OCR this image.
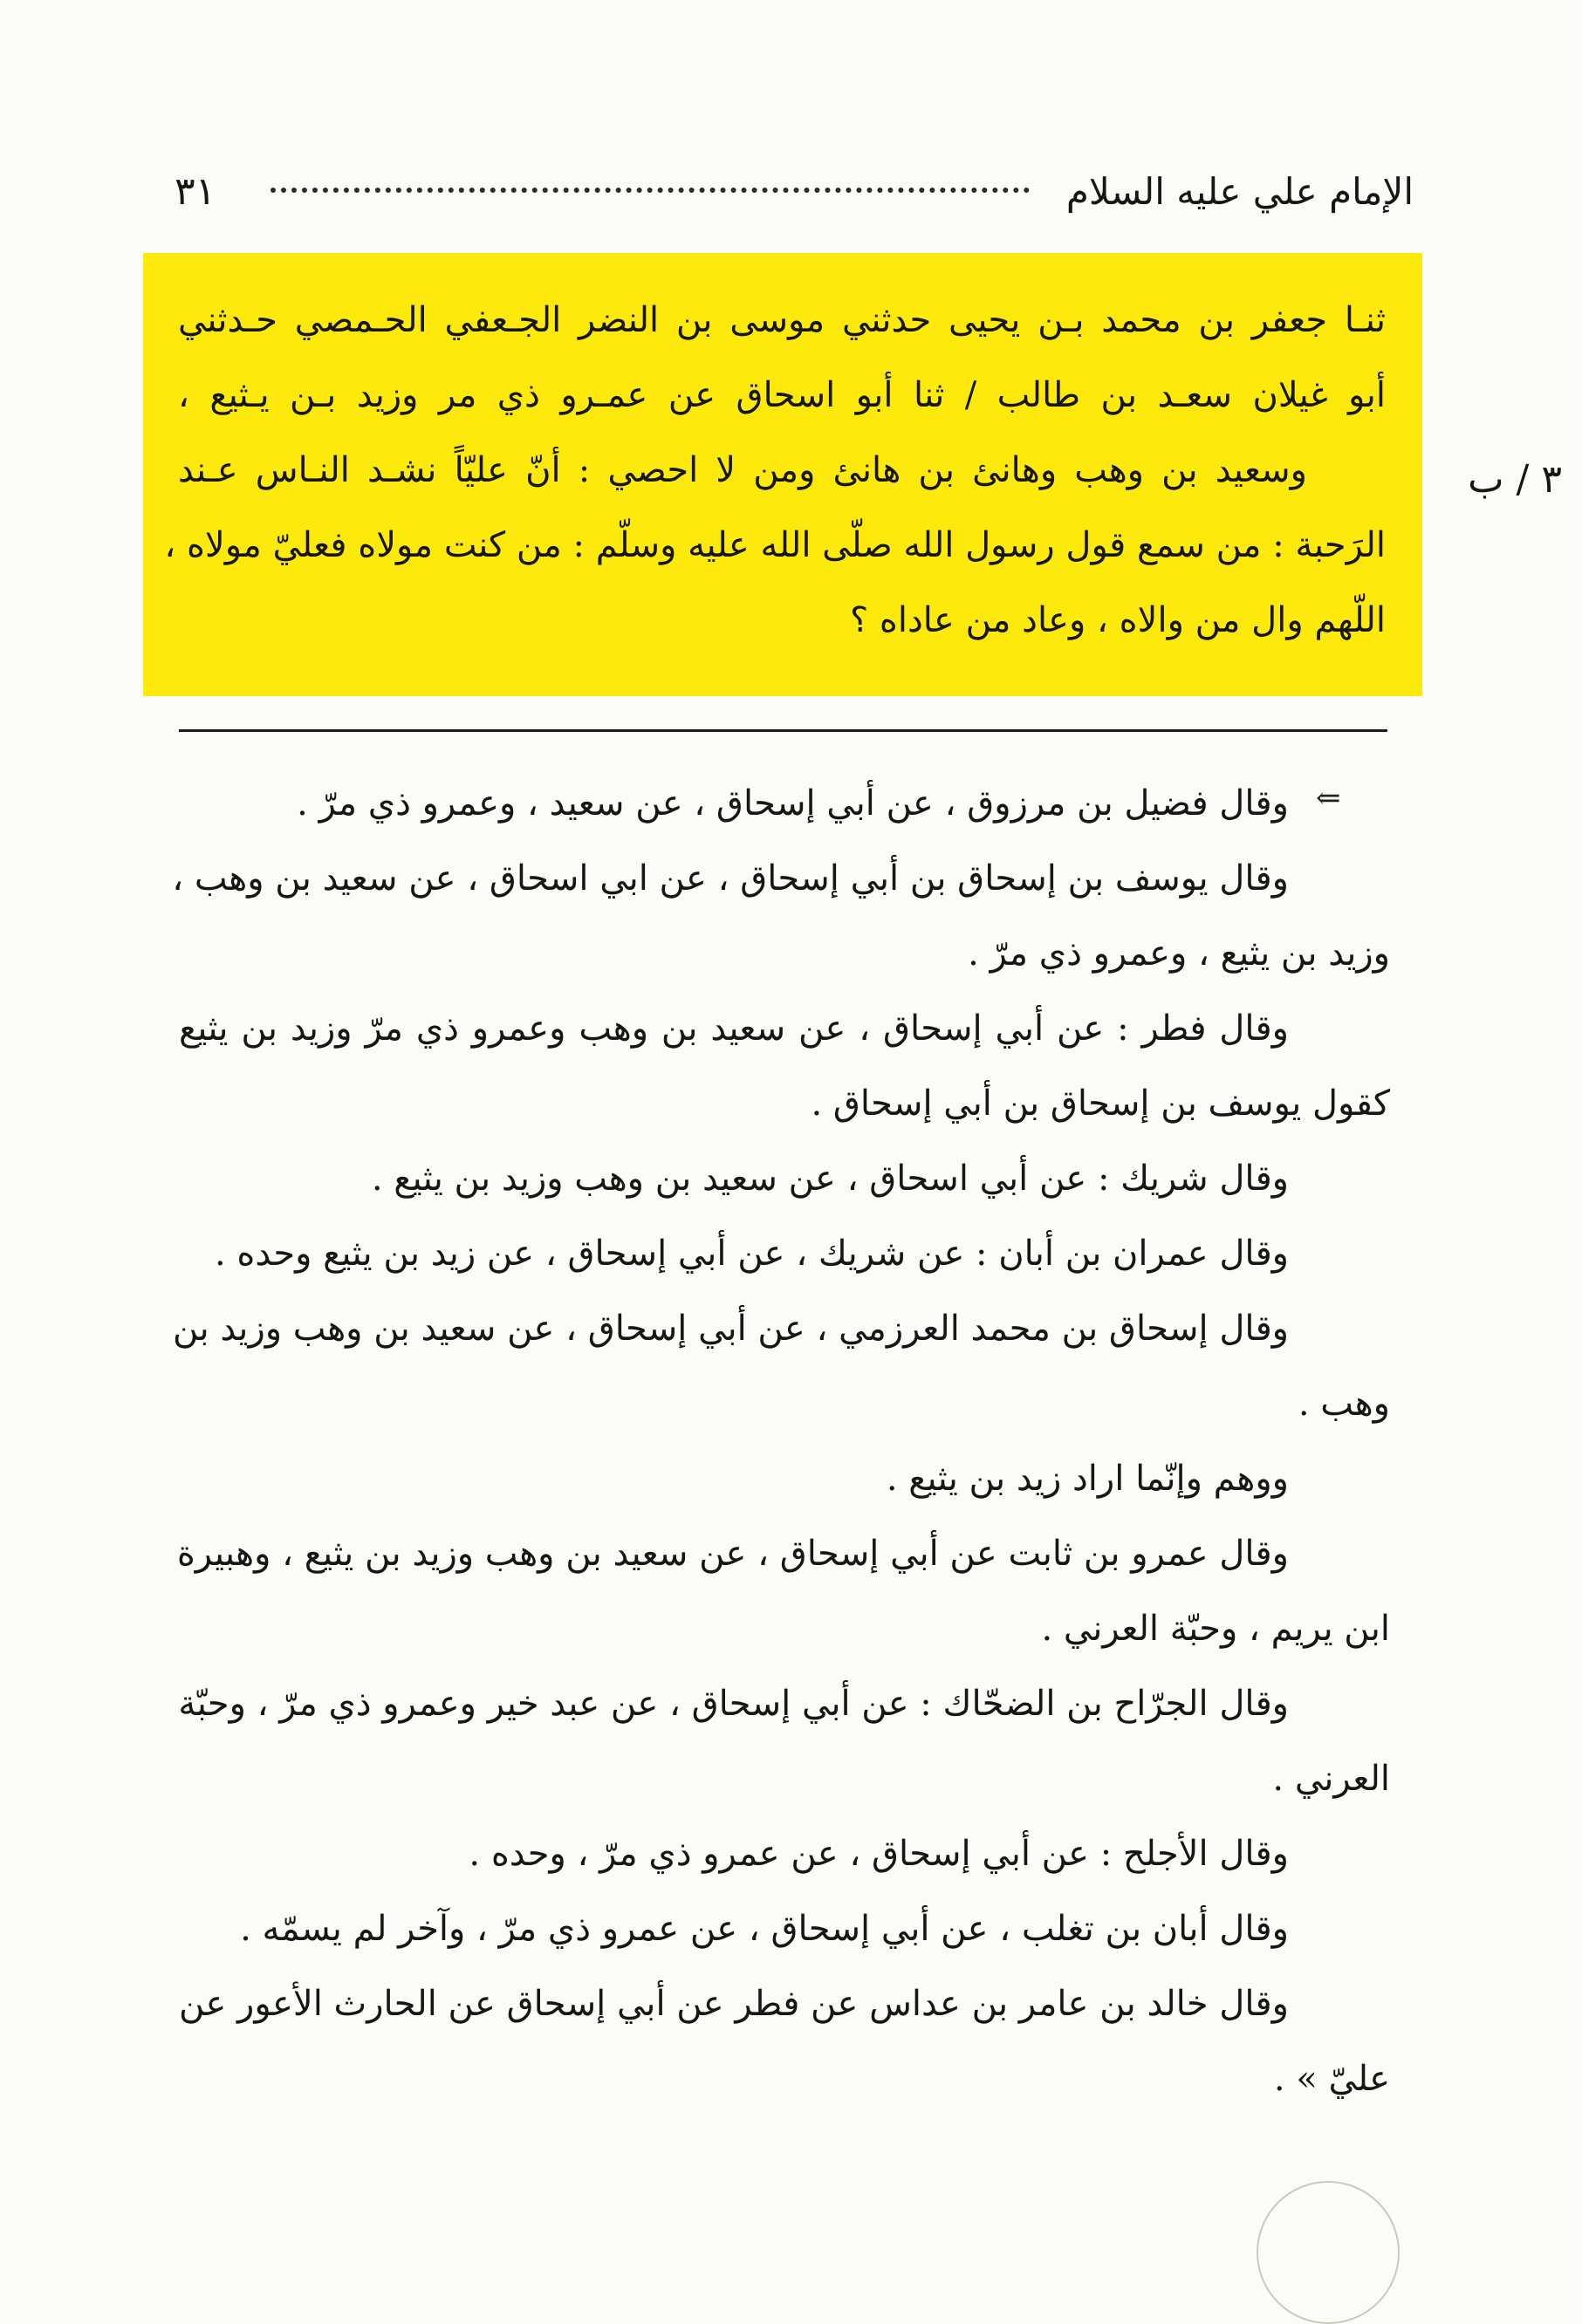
الإمام علي عليه السلام
٣١
ثنـا جعفر بن محمد بـن يحيى حدثني موسى بن النضر الجـعفي الحـمصي حـدثني
أبو غيلان سعـد بن طالب / ثنا أبو اسحاق عن عمـرو ذي مر وزيد بـن يـثيع ،
وسعيد بن وهب وهانئ بن هانئ ومن لا احصي : أنّ عليّاً نشـد النـاس عـند
الرَحبة : من سمع قول رسول الله صلّى الله عليه وسلّم : من كنت مولاه فعليّ مولاه ،
اللّهم وال من والاه ، وعاد من عاداه ؟
٣ / ب
⇐
وقال فضيل بن مرزوق ، عن أبي إسحاق ، عن سعيد ، وعمرو ذي مرّ .
وقال يوسف بن إسحاق بن أبي إسحاق ، عن ابي اسحاق ، عن سعيد بن وهب ،
وزيد بن يثيع ، وعمرو ذي مرّ .
وقال فطر : عن أبي إسحاق ، عن سعيد بن وهب وعمرو ذي مرّ وزيد بن يثيع
كقول يوسف بن إسحاق بن أبي إسحاق .
وقال شريك : عن أبي اسحاق ، عن سعيد بن وهب وزيد بن يثيع .
وقال عمران بن أبان : عن شريك ، عن أبي إسحاق ، عن زيد بن يثيع وحده .
وقال إسحاق بن محمد العرزمي ، عن أبي إسحاق ، عن سعيد بن وهب وزيد بن
وهب .
ووهم وإنّما اراد زيد بن يثيع .
وقال عمرو بن ثابت عن أبي إسحاق ، عن سعيد بن وهب وزيد بن يثيع ، وهبيرة
ابن يريم ، وحبّة العرني .
وقال الجرّاح بن الضحّاك : عن أبي إسحاق ، عن عبد خير وعمرو ذي مرّ ، وحبّة
العرني .
وقال الأجلح : عن أبي إسحاق ، عن عمرو ذي مرّ ، وحده .
وقال أبان بن تغلب ، عن أبي إسحاق ، عن عمرو ذي مرّ ، وآخر لم يسمّه .
وقال خالد بن عامر بن عداس عن فطر عن أبي إسحاق عن الحارث الأعور عن
عليّ » .
